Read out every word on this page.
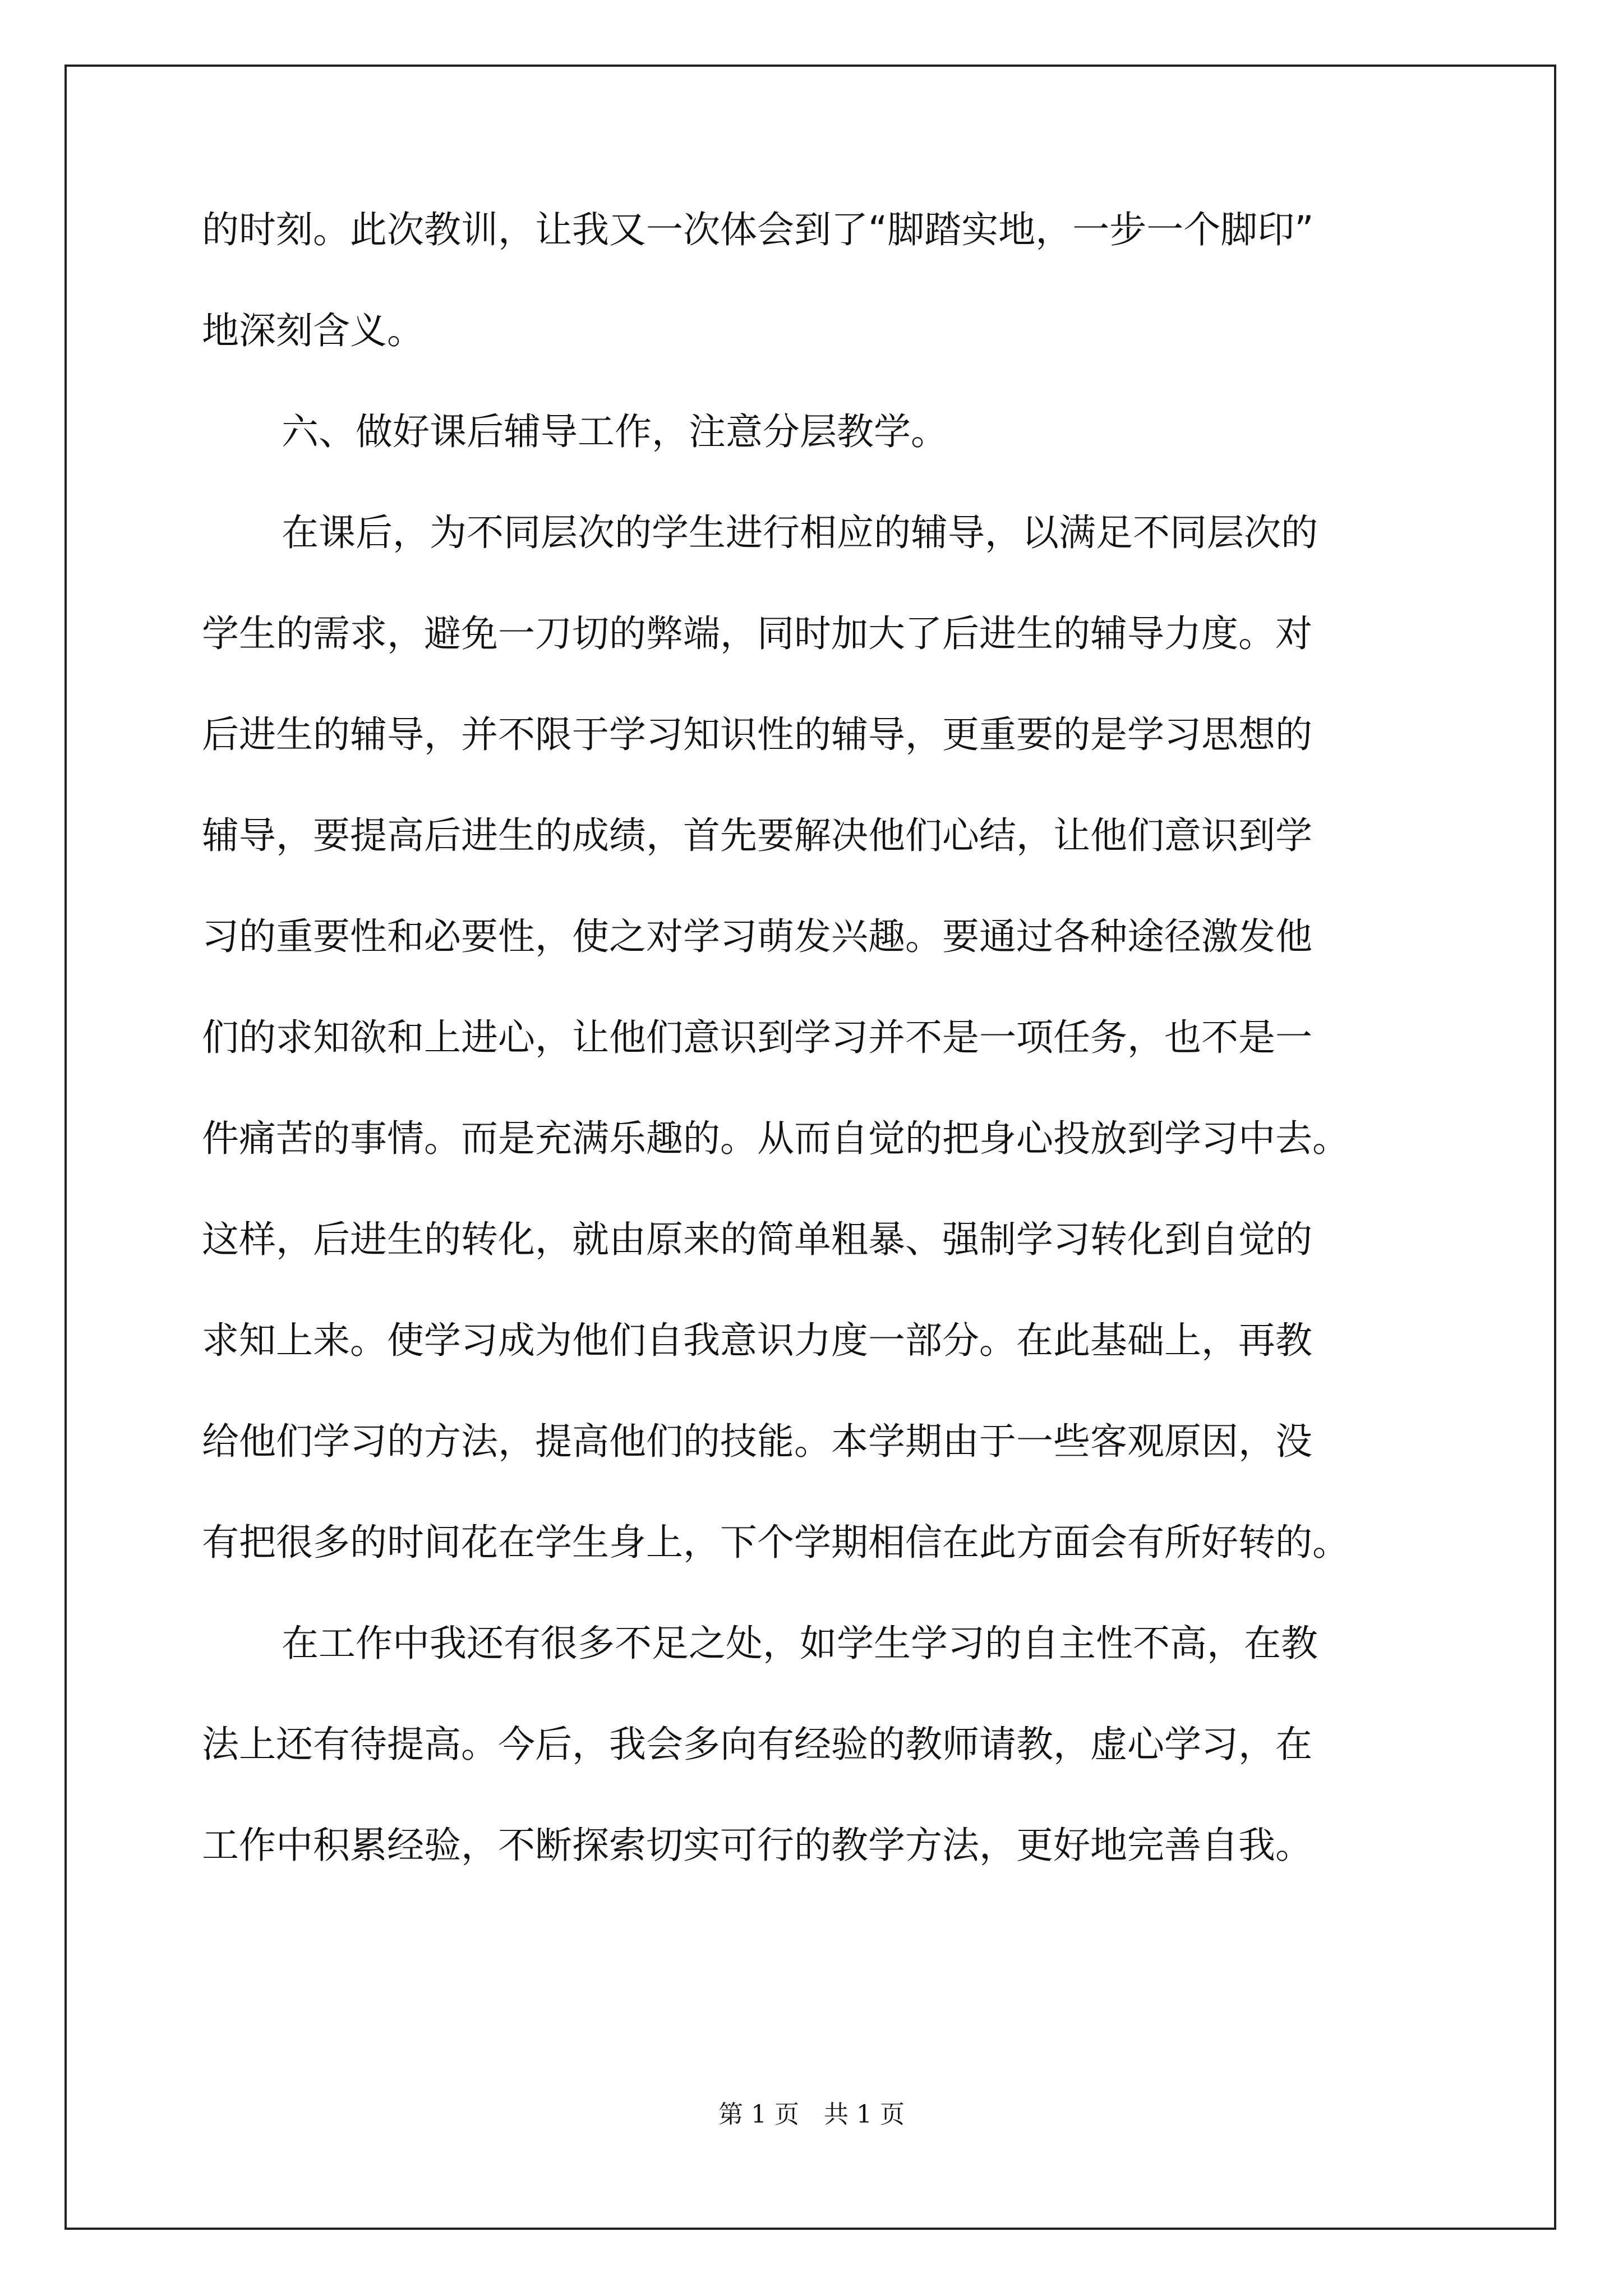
的时刻。此次教训，让我又一次体会到了“脚踏实地，一步一个脚印”
地深刻含义。
六、做好课后辅导工作，注意分层教学。
在课后，为不同层次的学生进行相应的辅导，以满足不同层次的
学生的需求，避免一刀切的弊端，同时加大了后进生的辅导力度。对
后进生的辅导，并不限于学习知识性的辅导，更重要的是学习思想的
辅导，要提高后进生的成绩，首先要解决他们心结，让他们意识到学
习的重要性和必要性，使之对学习萌发兴趣。要通过各种途径激发他
们的求知欲和上进心，让他们意识到学习并不是一项任务，也不是一
件痛苦的事情。而是充满乐趣的。从而自觉的把身心投放到学习中去。
这样，后进生的转化，就由原来的简单粗暴、强制学习转化到自觉的
求知上来。使学习成为他们自我意识力度一部分。在此基础上，再教
给他们学习的方法，提高他们的技能。本学期由于一些客观原因，没
有把很多的时间花在学生身上，下个学期相信在此方面会有所好转的。
在工作中我还有很多不足之处，如学生学习的自主性不高，在教
法上还有待提高。今后，我会多向有经验的教师请教，虚心学习，在
工作中积累经验，不断探索切实可行的教学方法，更好地完善自我。
第 1 页　共 1 页
